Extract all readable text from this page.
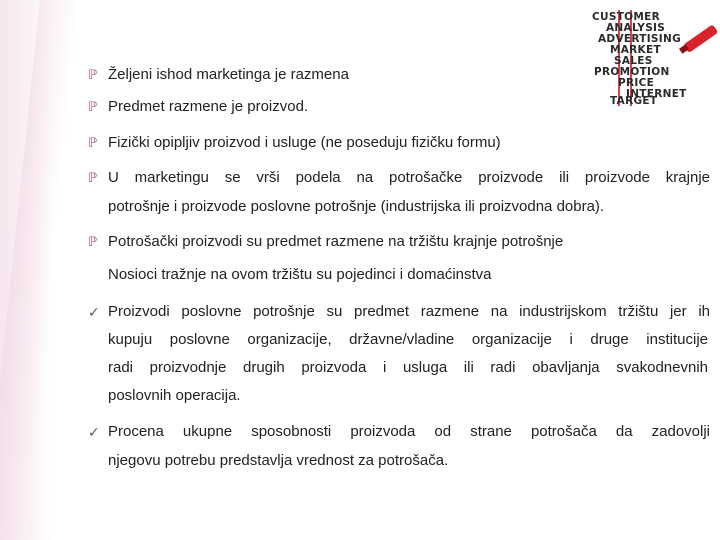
CUSTOMER
ANALYSIS
ADVERTISING
MARKET
SALES
PROMOTION
PRICE
INTERNET
TARGET
ℙ Željeni ishod marketinga je razmena
ℙ Predmet razmene je proizvod.
ℙ Fizički opipljiv proizvod i usluge (ne poseduju fizičku formu)
ℙ U marketingu se vrši podela na potrošačke proizvode ili proizvode krajnje
potrošnje i proizvode poslovne potrošnje (industrijska ili proizvodna dobra).
ℙ Potrošački proizvodi su predmet razmene na tržištu krajnje potrošnje
Nosioci tražnje na ovom tržištu su pojedinci i domaćinstva
✓ Proizvodi poslovne potrošnje su predmet razmene na industrijskom tržištu jer ih
kupuju poslovne organizacije, državne/vladine organizacije i druge institucije
radi proizvodnje drugih proizvoda i usluga ili radi obavljanja svakodnevnih
poslovnih operacija.
✓ Procena ukupne sposobnosti proizvoda od strane potrošača da zadovolji
njegovu potrebu predstavlja vrednost za potrošača.
